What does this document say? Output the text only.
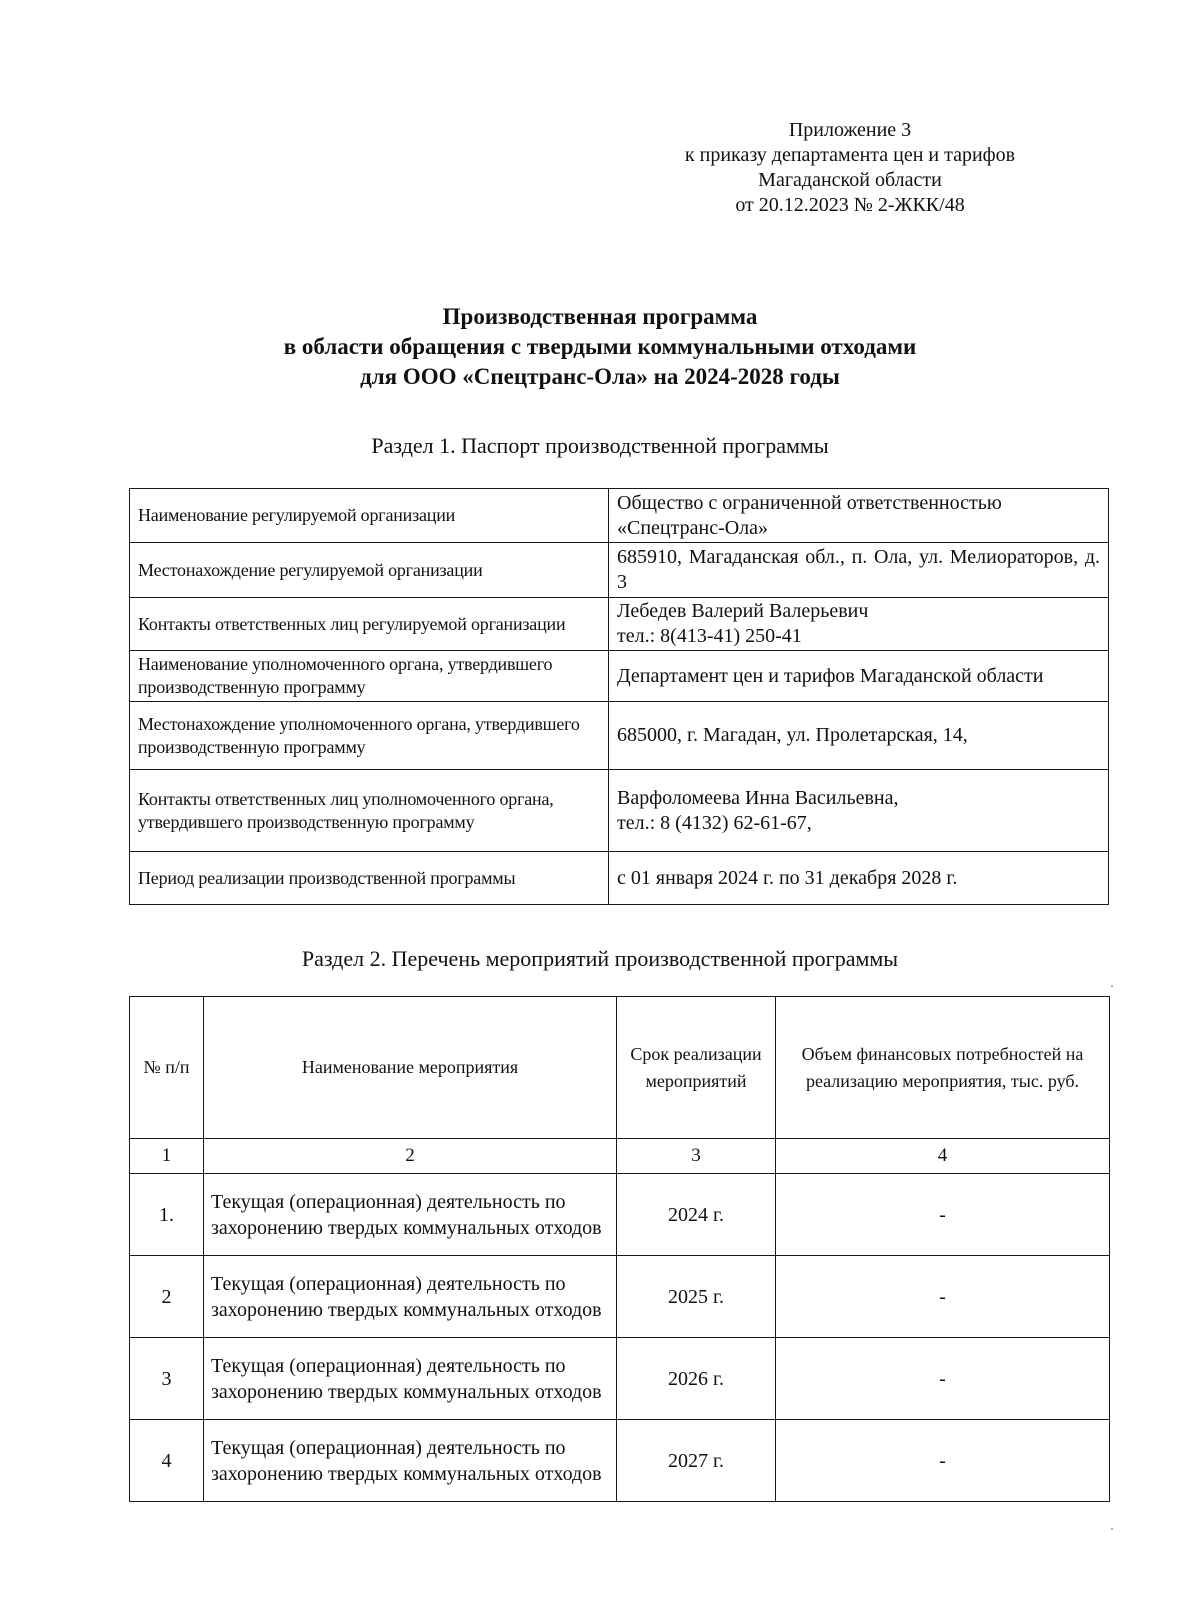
Приложение 3
к приказу департамента цен и тарифов
Магаданской области
от 20.12.2023 № 2-ЖКК/48
Производственная программа
в области обращения с твердыми коммунальными отходами
для ООО «Спецтранс-Ола» на 2024-2028 годы
Раздел 1. Паспорт производственной программы
Наименование регулируемой организации	Общество с ограниченной ответственностью
«Спецтранс-Ола»

Местонахождение регулируемой организации	685910, Магаданская обл., п. Ола, ул. Мелиораторов, д. 3
Контакты ответственных лиц регулируемой организации	Лебедев Валерий Валерьевич
тел.: 8(413-41) 250-41

Наименование уполномоченного органа, утвердившего производственную программу	Департамент цен и тарифов Магаданской области
Местонахождение уполномоченного органа, утвердившего производственную программу	685000, г. Магадан, ул. Пролетарская, 14,
Контакты ответственных лиц уполномоченного органа, утвердившего производственную программу	Варфоломеева Инна Васильевна,
тел.: 8 (4132) 62-61-67,

Период реализации производственной программы	с 01 января 2024 г. по 31 декабря 2028 г.
Раздел 2. Перечень мероприятий производственной программы
№ п/п	Наименование мероприятия	Срок реализации мероприятий	Объем финансовых потребностей на реализацию мероприятия, тыс. руб.
1	2	3	4
1.	Текущая (операционная) деятельность по захоронению твердых коммунальных отходов	2024 г.	-
2	Текущая (операционная) деятельность по захоронению твердых коммунальных отходов	2025 г.	-
3	Текущая (операционная) деятельность по захоронению твердых коммунальных отходов	2026 г.	-
4	Текущая (операционная) деятельность по захоронению твердых коммунальных отходов	2027 г.	-
